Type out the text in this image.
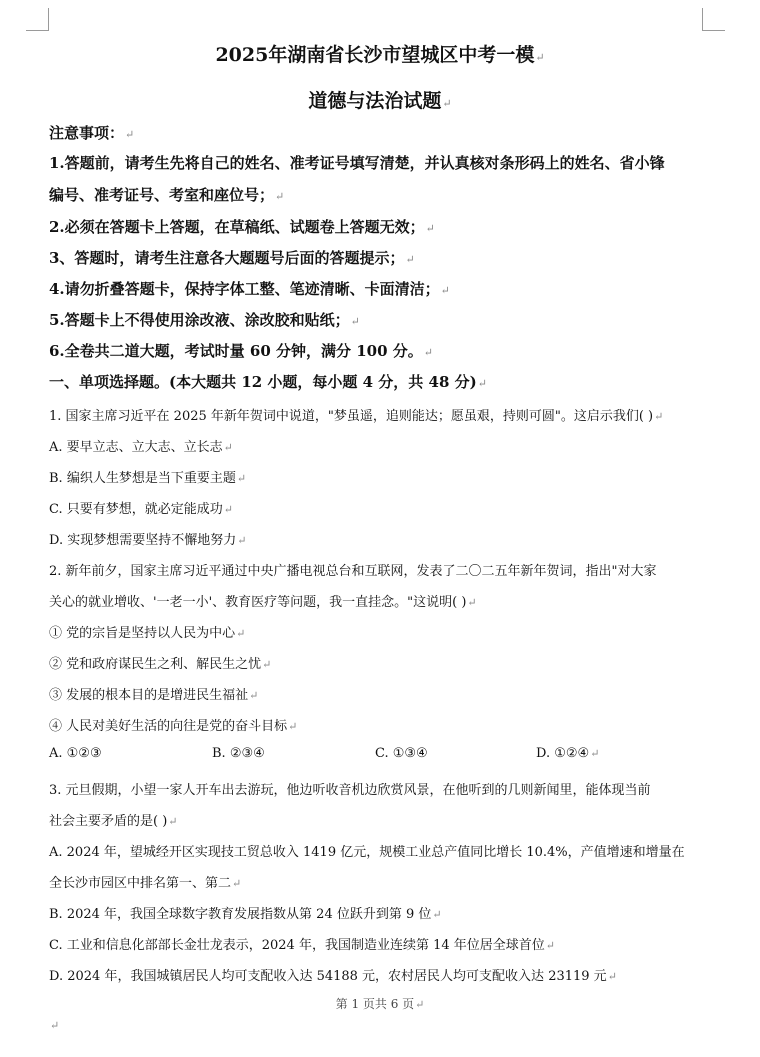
2025年湖南省长沙市望城区中考一模↵
道德与法治试题↵
注意事项：↵
1.答题前，请考生先将自己的姓名、准考证号填写清楚，并认真核对条形码上的姓名、省小锋
编号、准考证号、考室和座位号；↵
2.必须在答题卡上答题，在草稿纸、试题卷上答题无效；↵
3、答题时，请考生注意各大题题号后面的答题提示；↵
4.请勿折叠答题卡，保持字体工整、笔迹清晰、卡面清洁；↵
5.答题卡上不得使用涂改液、涂改胶和贴纸；↵
6.全卷共二道大题，考试时量 60 分钟，满分 100 分。↵
一、单项选择题。(本大题共 12 小题，每小题 4 分，共 48 分)↵
1. 国家主席习近平在 2025 年新年贺词中说道，"梦虽遥，追则能达；愿虽艰，持则可圆"。这启示我们( )↵
A. 要早立志、立大志、立长志↵
B. 编织人生梦想是当下重要主题↵
C. 只要有梦想，就必定能成功↵
D. 实现梦想需要坚持不懈地努力↵
2. 新年前夕，国家主席习近平通过中央广播电视总台和互联网，发表了二〇二五年新年贺词，指出"对大家
关心的就业增收、'一老一小'、教育医疗等问题，我一直挂念。"这说明( )↵
① 党的宗旨是坚持以人民为中心↵
② 党和政府谋民生之利、解民生之忧↵
③ 发展的根本目的是增进民生福祉↵
④ 人民对美好生活的向往是党的奋斗目标↵
A. ①②③	B. ②③④	C. ①③④	D. ①②④↵
3. 元旦假期，小望一家人开车出去游玩，他边听收音机边欣赏风景，在他听到的几则新闻里，能体现当前
社会主要矛盾的是( )↵
A. 2024 年，望城经开区实现技工贸总收入 1419 亿元，规模工业总产值同比增长 10.4%，产值增速和增量在
全长沙市园区中排名第一、第二↵
B. 2024 年，我国全球数字教育发展指数从第 24 位跃升到第 9 位↵
C. 工业和信息化部部长金壮龙表示，2024 年，我国制造业连续第 14 年位居全球首位↵
D. 2024 年，我国城镇居民人均可支配收入达 54188 元，农村居民人均可支配收入达 23119 元↵
第 1 页共 6 页↵
↵
